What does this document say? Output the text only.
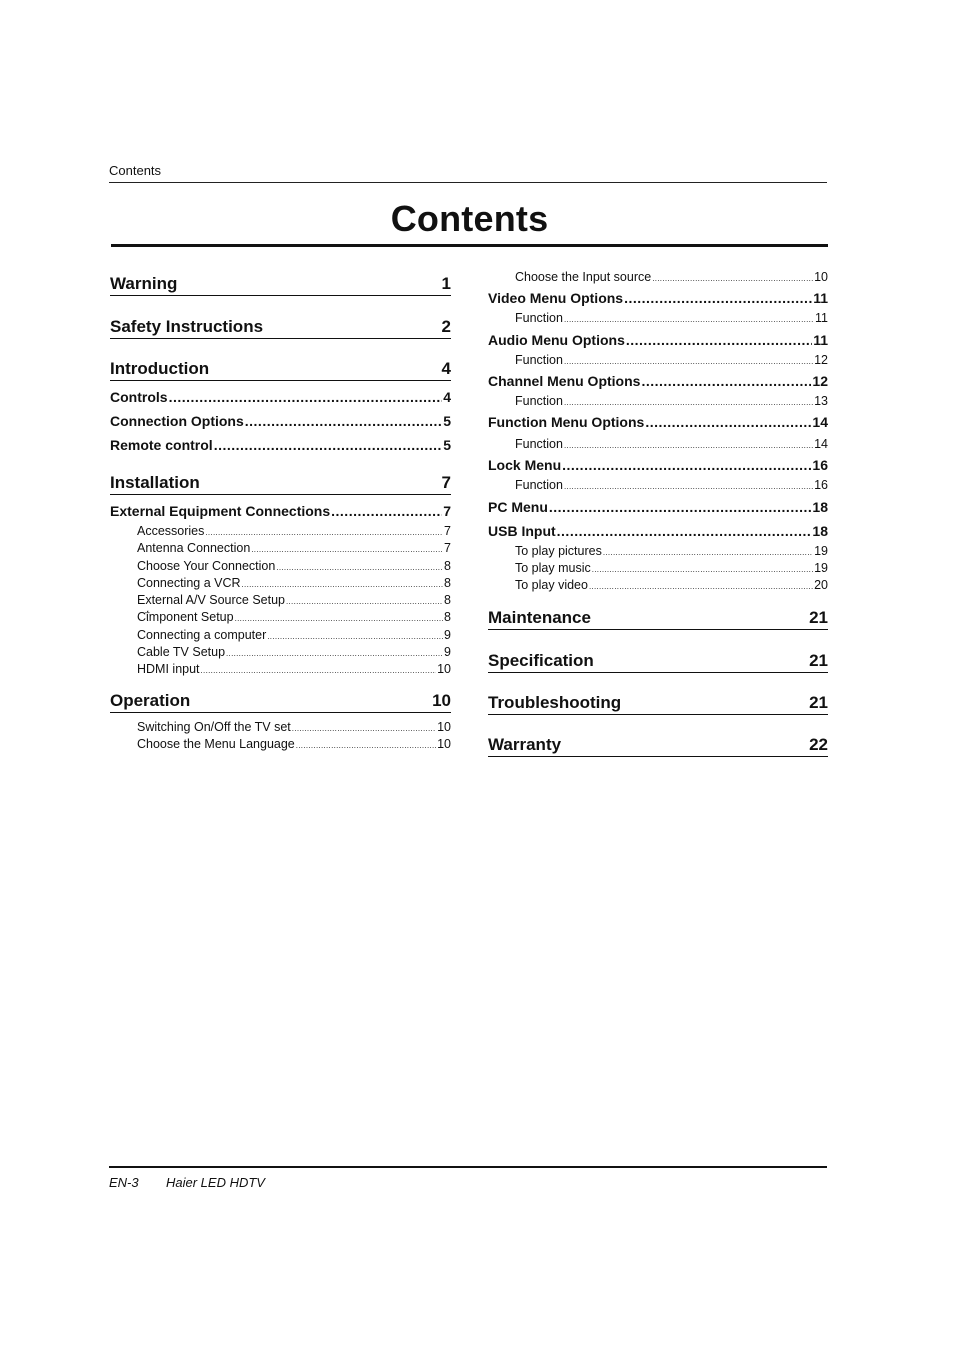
Contents
Contents
Warning	1
Safety Instructions	2
Introduction	4
Controls .....	4
Connection Options .....	5
Remote control .....	5
Installation	7
External Equipment Connections .....	7
Accessories .....	7
Antenna Connection .....	7
Choose Your Connection .....	8
Connecting a VCR .....	8
External A/V Source Setup .....	8
Cΐmponent Setup .....	8
Connecting a computer .....	9
Cable TV Setup .....	9
HDMI input .....	10
Operation	10
Switching On/Off the TV set .....	10
Choose the Menu Language .....	10
Choose the Input source .....	10
Video Menu Options .....	11
Function .....	11
Audio Menu Options .....	11
Function .....	12
Channel Menu Options .....	12
Function .....	13
Function Menu Options .....	14
Function .....	14
Lock Menu .....	16
Function .....	16
PC Menu .....	18
USB Input .....	18
To play pictures .....	19
To play music .....	19
To play video .....	20
Maintenance	21
Specification	21
Troubleshooting	21
Warranty	22
EN-3	Haier LED HDTV
